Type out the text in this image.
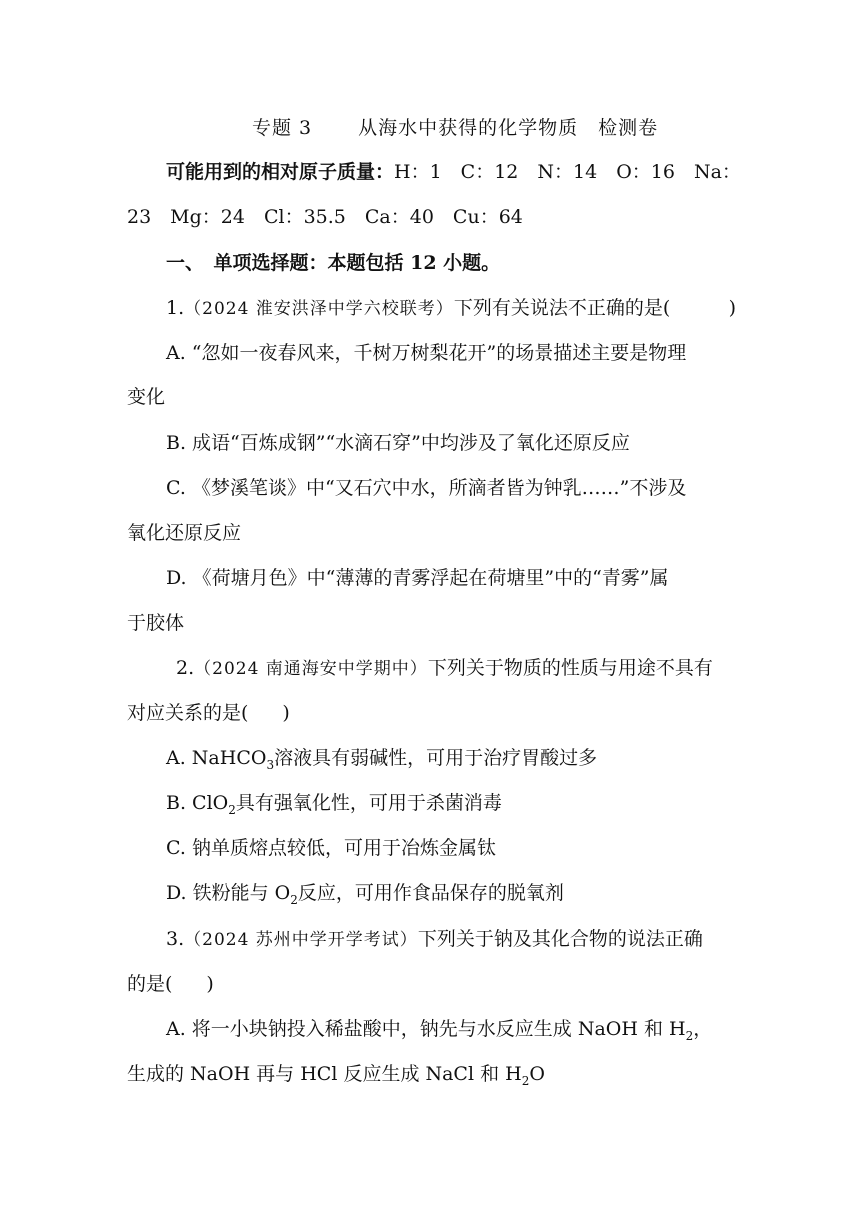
专题 3 从海水中获得的化学物质 检测卷
可能用到的相对原子质量：H：1　C：12　N：14　O：16　Na：
23　Mg：24　Cl：35.5　Ca：40　Cu：64
一、　单项选择题：本题包括 12 小题。
1.（2024 淮安洪泽中学六校联考）下列有关说法不正确的是(	)
A. “忽如一夜春风来，千树万树梨花开”的场景描述主要是物理
变化
B. 成语“百炼成钢”“水滴石穿”中均涉及了氧化还原反应
C. 《梦溪笔谈》中“又石穴中水，所滴者皆为钟乳……”不涉及
氧化还原反应
D. 《荷塘月色》中“薄薄的青雾浮起在荷塘里”中的“青雾”属
于胶体
2.（2024 南通海安中学期中）下列关于物质的性质与用途不具有
对应关系的是( )
A. NaHCO$_3$溶液具有弱碱性，可用于治疗胃酸过多
B. ClO$_2$具有强氧化性，可用于杀菌消毒
C. 钠单质熔点较低，可用于冶炼金属钛
D. 铁粉能与 $O_2$反应，可用作食品保存的脱氧剂
3.（2024 苏州中学开学考试）下列关于钠及其化合物的说法正确
的是( )
A. 将一小块钠投入稀盐酸中，钠先与水反应生成 NaOH 和 $H_2$，
生成的 NaOH 再与 HCl 反应生成 NaCl 和 $H_2O$
